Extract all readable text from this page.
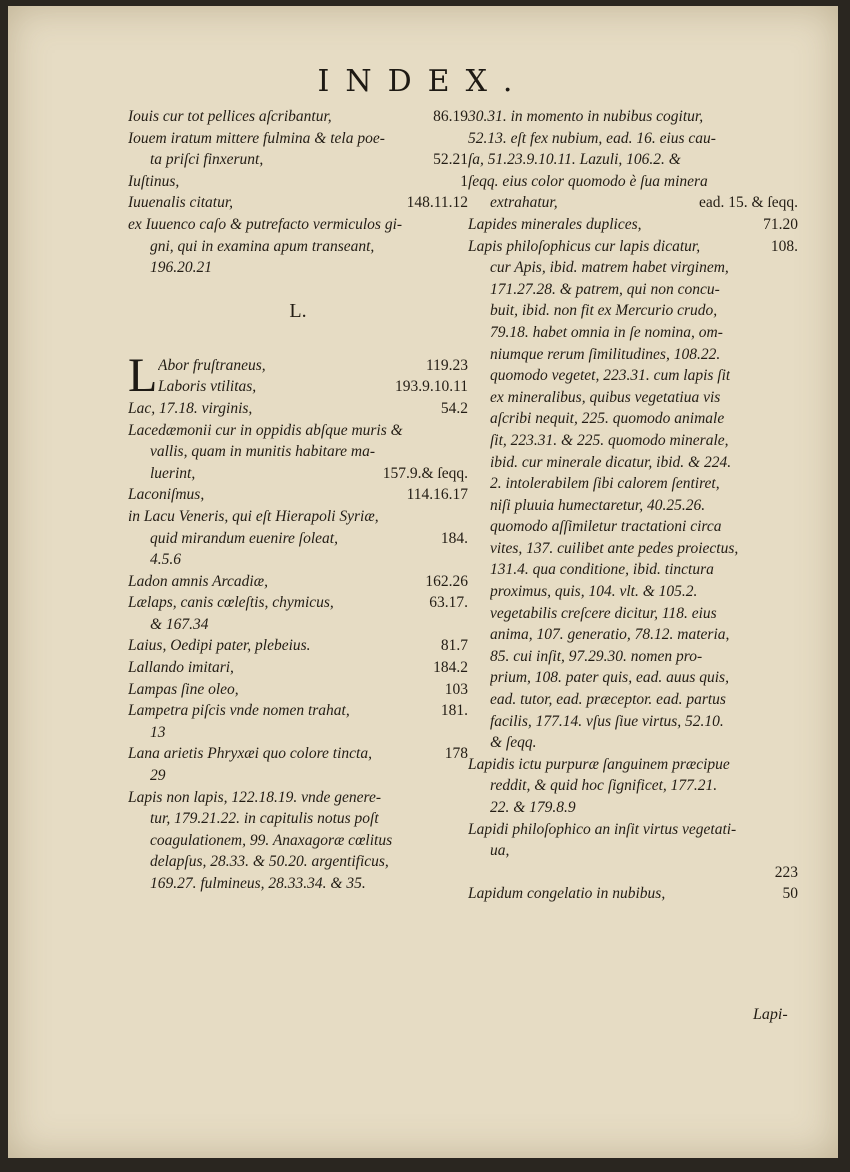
INDEX.
Iouis cur tot pellices aſcribantur,	86.19
Iouem iratum mittere fulmina & tela poe-
ta priſci finxerunt,	52.21
Iuſtinus,	1
Iuuenalis citatur,	148.11.12
ex Iuuenco caſo & putrefacto vermiculos gi-
gni, qui in examina apum transeant,
196.20.21
L.
L Abor fruſtraneus,	119.23
Laboris vtilitas,	193.9.10.11
Lac, 17.18. virginis,	54.2
Lacedæmonii cur in oppidis abſque muris &
vallis, quam in munitis habitare ma-
luerint,	157.9.& ſeqq.
Laconiſmus,	114.16.17
in Lacu Veneris, qui eſt Hierapoli Syriæ,
quid mirandum euenire ſoleat,	184.
4.5.6
Ladon amnis Arcadiæ,	162.26
Lælaps, canis cœleſtis, chymicus,	63.17.
& 167.34
Laius, Oedipi pater, plebeius.	81.7
Lallando imitari,	184.2
Lampas ſine oleo,	103
Lampetra piſcis vnde nomen trahat,	181.
13
Lana arietis Phryxæi quo colore tincta,	178
29
Lapis non lapis, 122.18.19. vnde genere-
tur, 179.21.22. in capitulis notus poſt
coagulationem, 99. Anaxagoræ cœlitus
delapſus, 28.33. & 50.20. argentificus,
169.27. fulmineus, 28.33.34. & 35.
30.31. in momento in nubibus cogitur,
52.13. eſt fex nubium, ead. 16. eius cau-
ſa, 51.23.9.10.11. Lazuli, 106.2. &
ſeqq. eius color quomodo è ſua minera
extrahatur,	ead. 15. & ſeqq.
Lapides minerales duplices,	71.20
Lapis philoſophicus cur lapis dicatur,	108.
cur Apis, ibid. matrem habet virginem,
171.27.28. & patrem, qui non concu-
buit, ibid. non fit ex Mercurio crudo,
79.18. habet omnia in ſe nomina, om-
niumque rerum ſimilitudines, 108.22.
quomodo vegetet, 223.31. cum lapis ſit
ex mineralibus, quibus vegetatiua vis
aſcribi nequit, 225. quomodo animale
ſit, 223.31. & 225. quomodo minerale,
ibid. cur minerale dicatur, ibid. & 224.
2. intolerabilem ſibi calorem ſentiret,
niſi pluuia humectaretur, 40.25.26.
quomodo aſſimiletur tractationi circa
vites, 137. cuilibet ante pedes proiectus,
131.4. qua conditione, ibid. tinctura
proximus, quis, 104. vlt. & 105.2.
vegetabilis creſcere dicitur, 118. eius
anima, 107. generatio, 78.12. materia,
85. cui inſit, 97.29.30. nomen pro-
prium, 108. pater quis, ead. auus quis,
ead. tutor, ead. præceptor. ead. partus
facilis, 177.14. vſus ſiue virtus, 52.10.
& ſeqq.
Lapidis ictu purpuræ ſanguinem præcipue
reddit, & quid hoc ſignificet, 177.21.
22. & 179.8.9
Lapidi philoſophico an inſit virtus vegetati-
ua,
223
Lapidum congelatio in nubibus,	50
Lapi-
